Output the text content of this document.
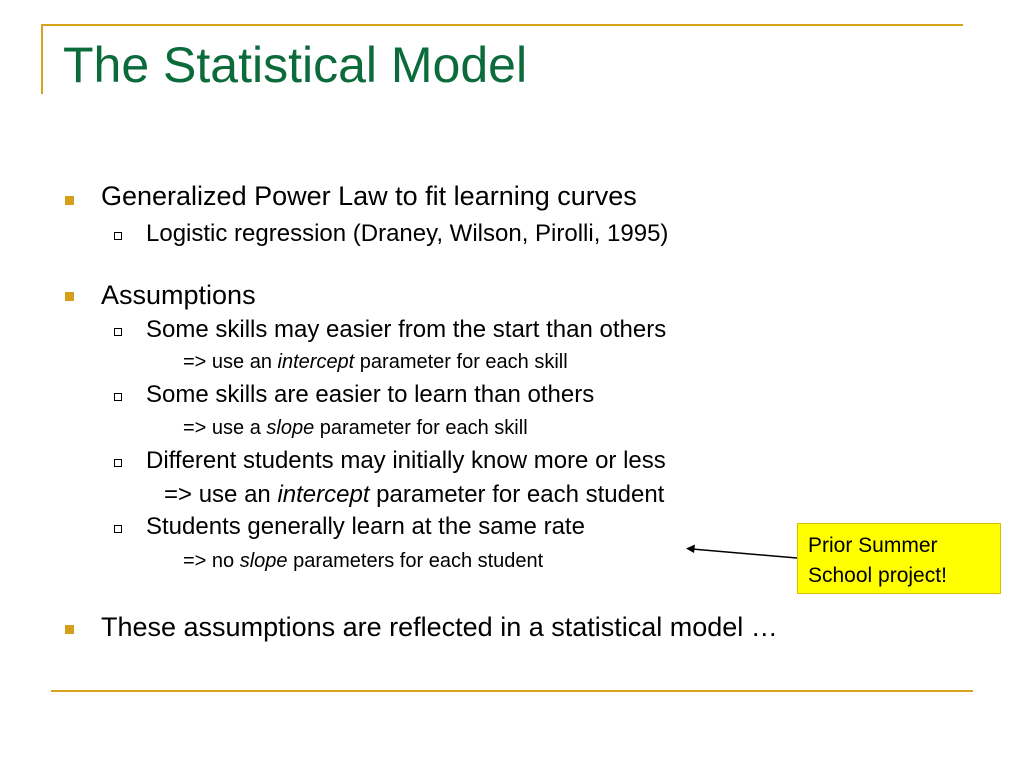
The Statistical Model
Generalized Power Law to fit learning curves
Logistic regression (Draney, Wilson, Pirolli, 1995)
Assumptions
Some skills may easier from the start than others
=> use an intercept parameter for each skill
Some skills are easier to learn than others
=> use a slope parameter for each skill
Different students may initially know more or less
=> use an intercept parameter for each student
Students generally learn at the same rate
=> no slope parameters for each student
These assumptions are reflected in a statistical model …
Prior Summer
School project!
